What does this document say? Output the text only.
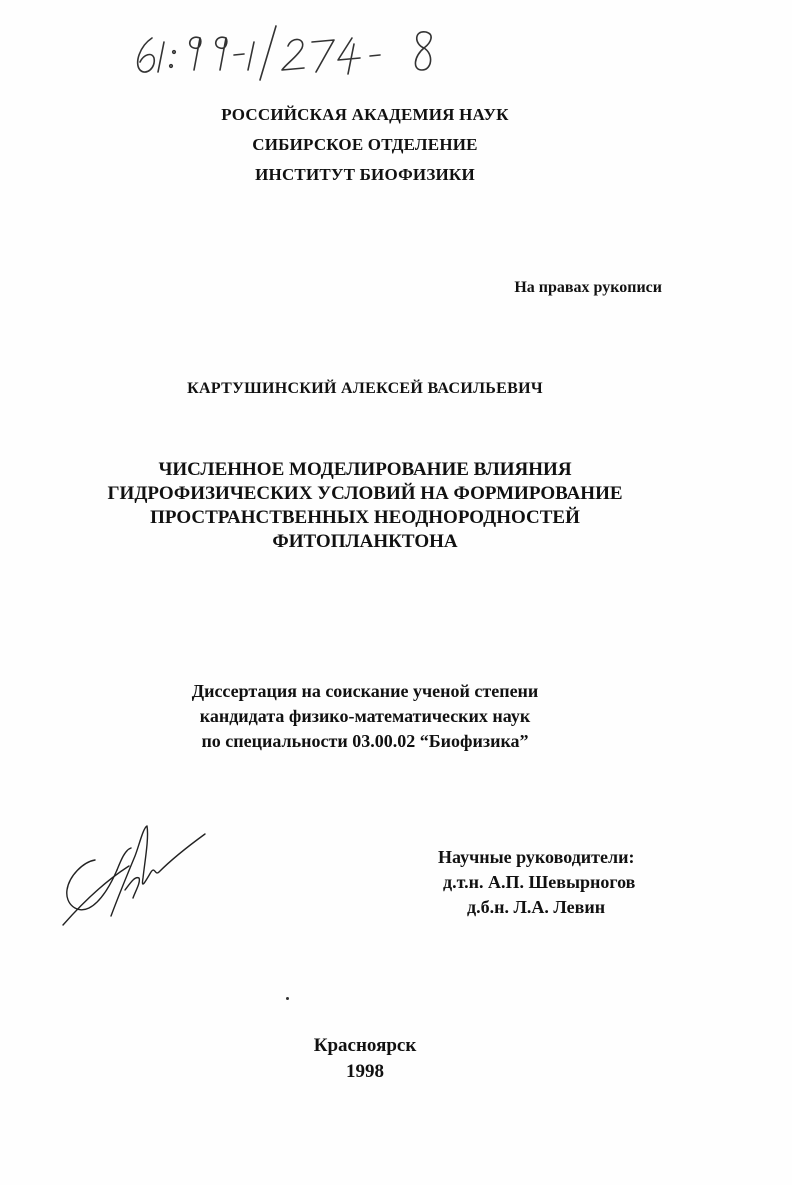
РОССИЙСКАЯ АКАДЕМИЯ НАУК
СИБИРСКОЕ ОТДЕЛЕНИЕ
ИНСТИТУТ БИОФИЗИКИ
На правах рукописи
КАРТУШИНСКИЙ АЛЕКСЕЙ ВАСИЛЬЕВИЧ
ЧИСЛЕННОЕ МОДЕЛИРОВАНИЕ ВЛИЯНИЯ
ГИДРОФИЗИЧЕСКИХ УСЛОВИЙ НА ФОРМИРОВАНИЕ
ПРОСТРАНСТВЕННЫХ НЕОДНОРОДНОСТЕЙ
ФИТОПЛАНКТОНА
Диссертация на соискание ученой степени
кандидата физико-математических наук
по специальности 03.00.02 “Биофизика”
Научные руководители:
д.т.н. А.П. Шевырногов
д.б.н. Л.А. Левин
Красноярск
1998
